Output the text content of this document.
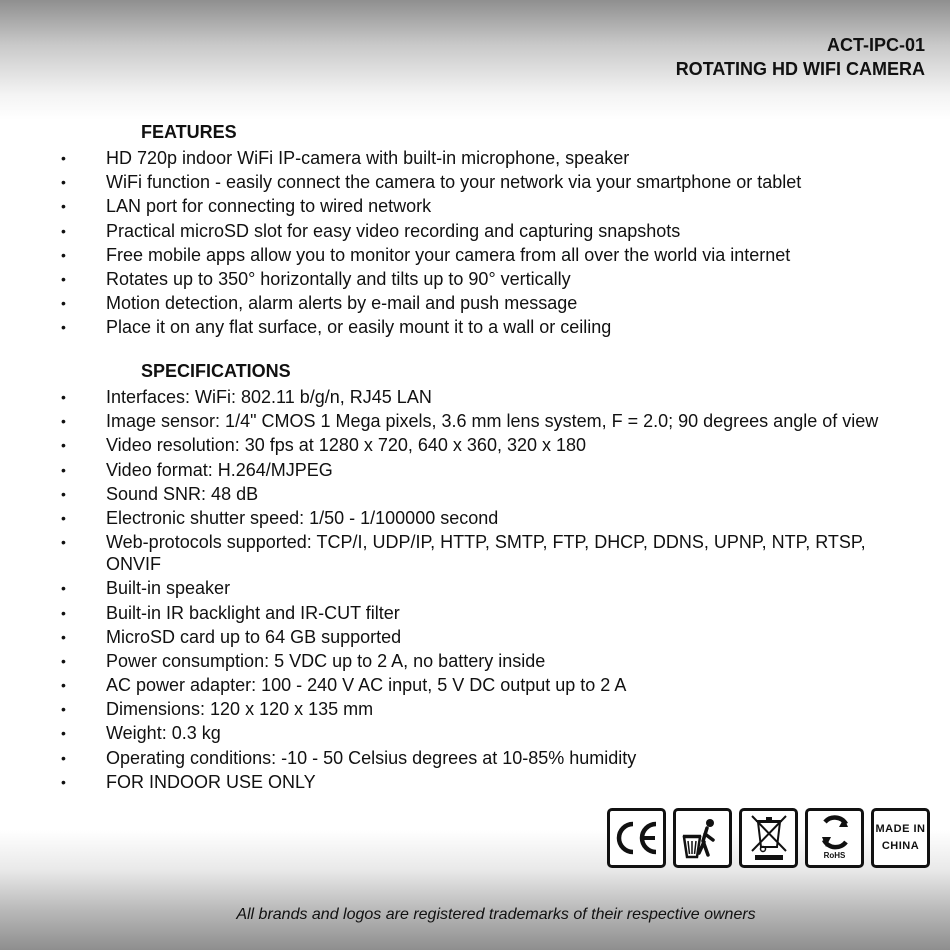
ACT-IPC-01
ROTATING HD WIFI CAMERA
FEATURES
• HD 720p indoor WiFi IP-camera with built-in microphone, speaker
• WiFi function - easily connect the camera to your network via your smartphone or tablet
• LAN port for connecting to wired network
• Practical microSD slot for easy video recording and capturing snapshots
• Free mobile apps allow you to monitor your camera from all over the world via internet
• Rotates up to 350° horizontally and tilts up to 90° vertically
• Motion detection, alarm alerts by e-mail and push message
• Place it on any flat surface, or easily mount it to a wall or ceiling
SPECIFICATIONS
• Interfaces: WiFi: 802.11 b/g/n, RJ45 LAN
• Image sensor: 1/4" CMOS 1 Mega pixels, 3.6 mm lens system, F = 2.0; 90 degrees angle of view
• Video resolution: 30 fps at 1280 x 720, 640 x 360, 320 x 180
• Video format: H.264/MJPEG
• Sound SNR: 48 dB
• Electronic shutter speed: 1/50 - 1/100000 second
• Web-protocols supported: TCP/I, UDP/IP, HTTP, SMTP, FTP, DHCP, DDNS, UPNP, NTP, RTSP, ONVIF
• Built-in speaker
• Built-in IR backlight and IR-CUT filter
• MicroSD card up to 64 GB supported
• Power consumption: 5 VDC up to 2 A, no battery inside
• AC power adapter: 100 - 240 V AC input, 5 V DC output up to 2 A
• Dimensions: 120 x 120 x 135 mm
• Weight: 0.3 kg
• Operating conditions: -10 - 50 Celsius degrees at 10-85% humidity
• FOR INDOOR USE ONLY
RoHS
MADE IN
CHINA
All brands and logos are registered trademarks of their respective owners
